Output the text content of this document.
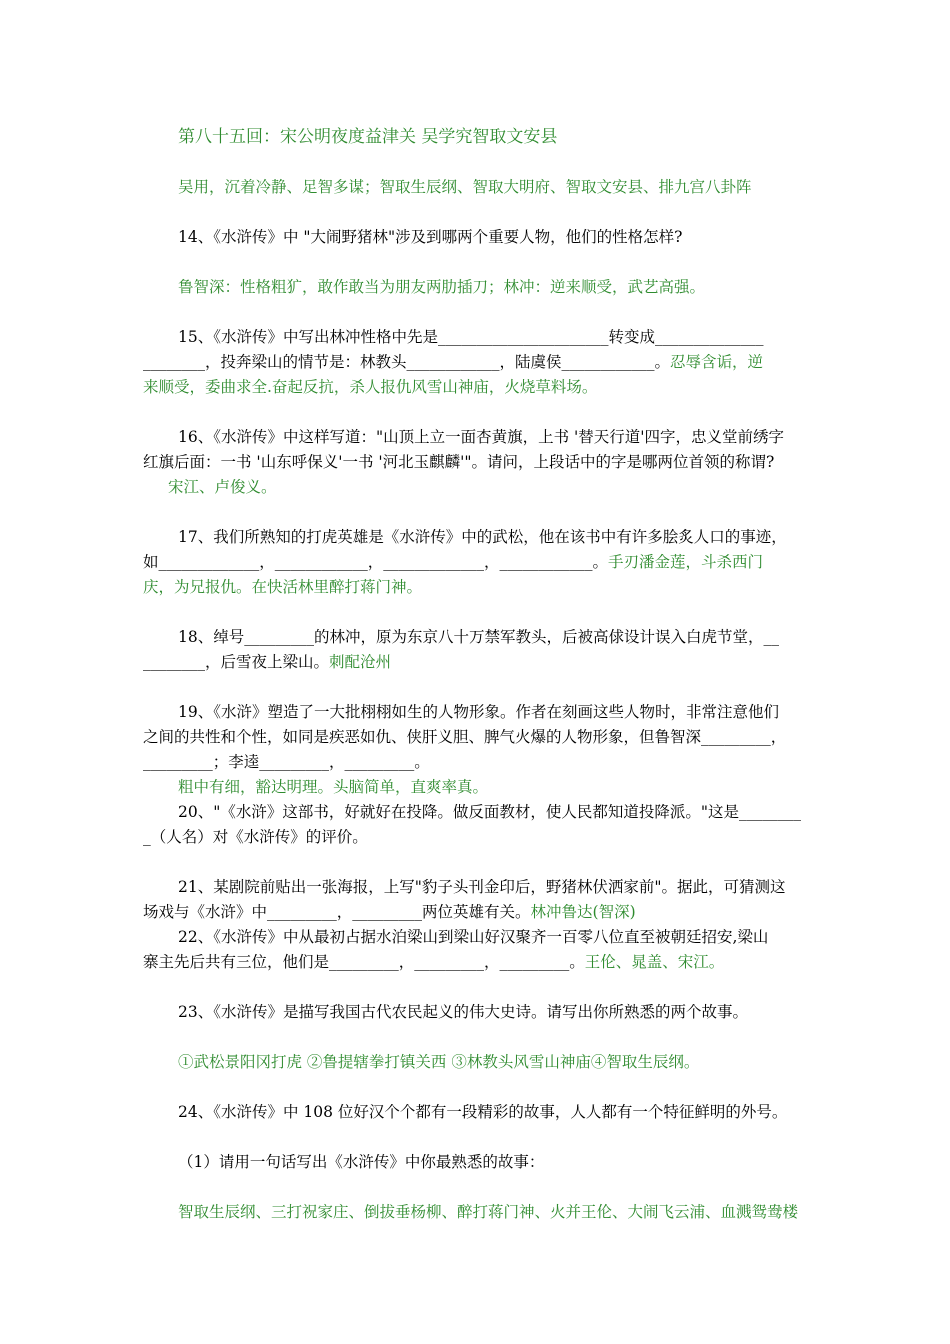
第八十五回：宋公明夜度益津关 吴学究智取文安县
吴用，沉着冷静、足智多谋；智取生辰纲、智取大明府、智取文安县、排九宫八卦阵
14、《水浒传》中 "大闹野猪林"涉及到哪两个重要人物，他们的性格怎样?
鲁智深：性格粗犷，敢作敢当为朋友两肋插刀；林冲：逆来顺受，武艺高强。
15、《水浒传》中写出林冲性格中先是______________________转变成______________
________，投奔梁山的情节是：林教头____________，陆虞侯____________。忍辱含诟，逆
来顺受，委曲求全.奋起反抗，杀人报仇风雪山神庙，火烧草料场。
16、《水浒传》中这样写道："山顶上立一面杏黄旗，上书 '替天行道'四字，忠义堂前绣字
红旗后面：一书 '山东呼保义'一书 '河北玉麒麟'"。请问，上段话中的字是哪两位首领的称谓?
宋江、卢俊义。
17、我们所熟知的打虎英雄是《水浒传》中的武松，他在该书中有许多脍炙人口的事迹，
如_____________，____________，_____________，____________。手刃潘金莲，斗杀西门
庆，为兄报仇。在快活林里醉打蒋门神。
18、绰号_________的林冲，原为东京八十万禁军教头，后被高俅设计误入白虎节堂，__
________，后雪夜上梁山。刺配沧州
19、《水浒》塑造了一大批栩栩如生的人物形象。作者在刻画这些人物时，非常注意他们
之间的共性和个性，如同是疾恶如仇、侠肝义胆、脾气火爆的人物形象，但鲁智深_________，
_________；李逵_________，_________。
粗中有细，豁达明理。头脑简单，直爽率真。
20、"《水浒》这部书，好就好在投降。做反面教材，使人民都知道投降派。"这是________
_（人名）对《水浒传》的评价。
21、某剧院前贴出一张海报，上写"豹子头刊金印后，野猪林伏洒家前"。据此，可猜测这
场戏与《水浒》中_________，_________两位英雄有关。林冲鲁达(智深)
22、《水浒传》中从最初占据水泊梁山到梁山好汉聚齐一百零八位直至被朝廷招安,梁山
寨主先后共有三位，他们是_________，_________，_________。王伦、晁盖、宋江。
23、《水浒传》是描写我国古代农民起义的伟大史诗。请写出你所熟悉的两个故事。
①武松景阳冈打虎 ②鲁提辖拳打镇关西 ③林教头风雪山神庙④智取生辰纲。
24、《水浒传》中 108 位好汉个个都有一段精彩的故事，人人都有一个特征鲜明的外号。
（1）请用一句话写出《水浒传》中你最熟悉的故事：
智取生辰纲、三打祝家庄、倒拔垂杨柳、醉打蒋门神、火并王伦、大闹飞云浦、血溅鸳鸯楼
